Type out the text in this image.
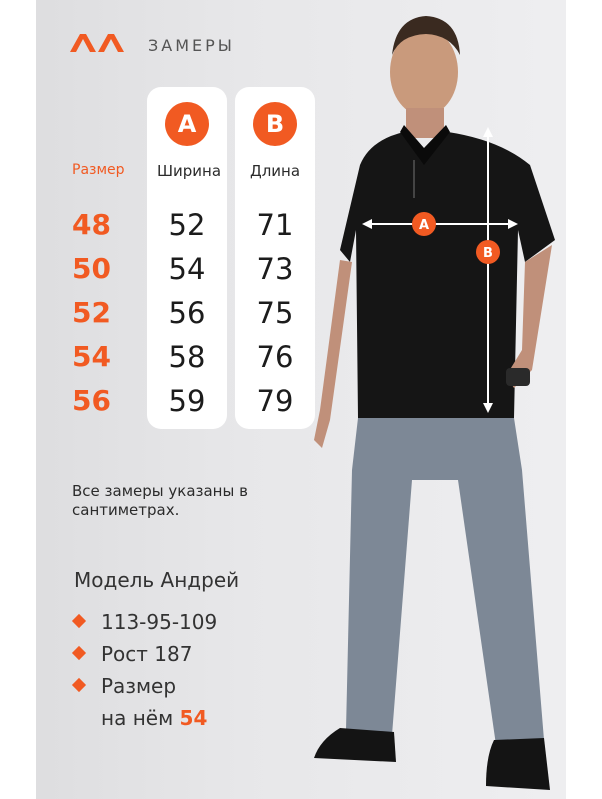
ЗАМЕРЫ
A	B
Размер Ширина Длина
48
50
52
54
56
52
54
56
58
59
71
73
75
76
79
Все замеры указаны в сантиметрах.
Модель Андрей
113-95-109
Рост 187
Размер
на нём 54
A
B
